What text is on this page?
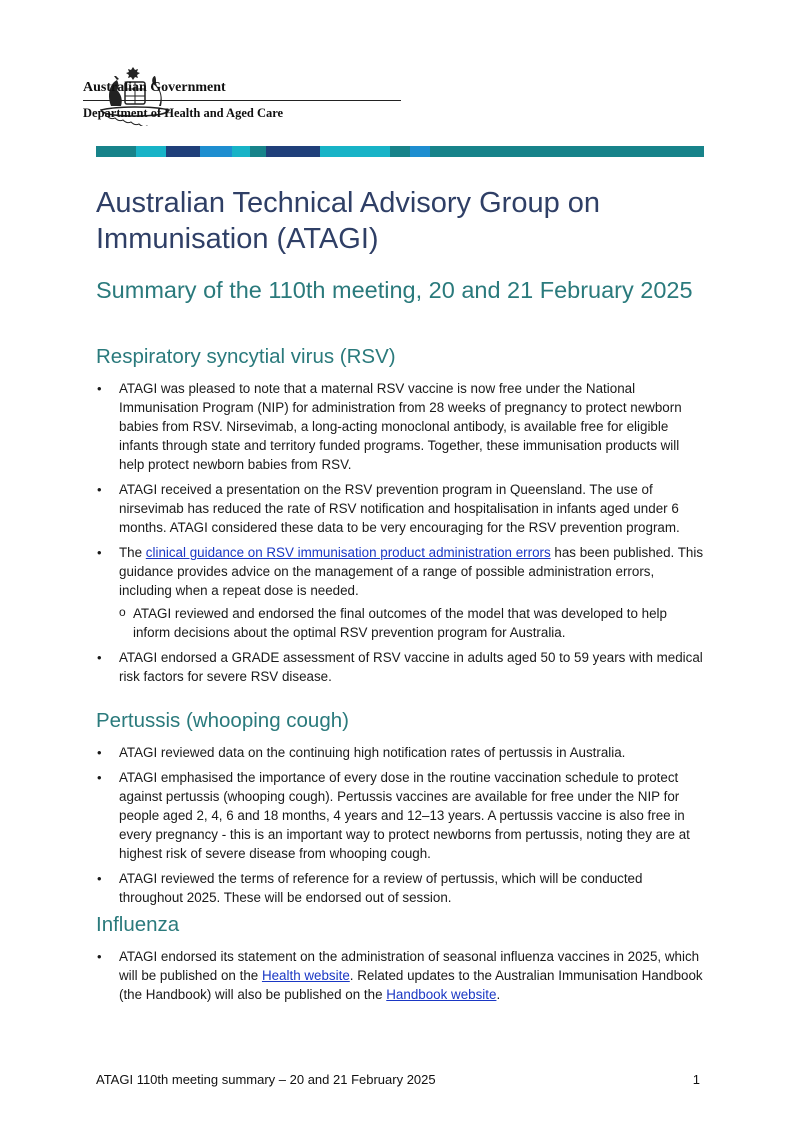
Australian Government
Department of Health and Aged Care
Australian Technical Advisory Group on Immunisation (ATAGI)
Summary of the 110th meeting, 20 and 21 February 2025
Respiratory syncytial virus (RSV)
• ATAGI was pleased to note that a maternal RSV vaccine is now free under the National Immunisation Program (NIP) for administration from 28 weeks of pregnancy to protect newborn babies from RSV. Nirsevimab, a long-acting monoclonal antibody, is available free for eligible infants through state and territory funded programs. Together, these immunisation products will help protect newborn babies from RSV.
• ATAGI received a presentation on the RSV prevention program in Queensland. The use of nirsevimab has reduced the rate of RSV notification and hospitalisation in infants aged under 6 months. ATAGI considered these data to be very encouraging for the RSV prevention program.
• The clinical guidance on RSV immunisation product administration errors has been published. This guidance provides advice on the management of a range of possible administration errors, including when a repeat dose is needed.
o ATAGI reviewed and endorsed the final outcomes of the model that was developed to help inform decisions about the optimal RSV prevention program for Australia.
• ATAGI endorsed a GRADE assessment of RSV vaccine in adults aged 50 to 59 years with medical risk factors for severe RSV disease.
Pertussis (whooping cough)
• ATAGI reviewed data on the continuing high notification rates of pertussis in Australia.
• ATAGI emphasised the importance of every dose in the routine vaccination schedule to protect against pertussis (whooping cough). Pertussis vaccines are available for free under the NIP for people aged 2, 4, 6 and 18 months, 4 years and 12–13 years. A pertussis vaccine is also free in every pregnancy - this is an important way to protect newborns from pertussis, noting they are at highest risk of severe disease from whooping cough.
• ATAGI reviewed the terms of reference for a review of pertussis, which will be conducted throughout 2025. These will be endorsed out of session.
Influenza
• ATAGI endorsed its statement on the administration of seasonal influenza vaccines in 2025, which will be published on the Health website. Related updates to the Australian Immunisation Handbook (the Handbook) will also be published on the Handbook website.
ATAGI 110th meeting summary – 20 and 21 February 2025	1
